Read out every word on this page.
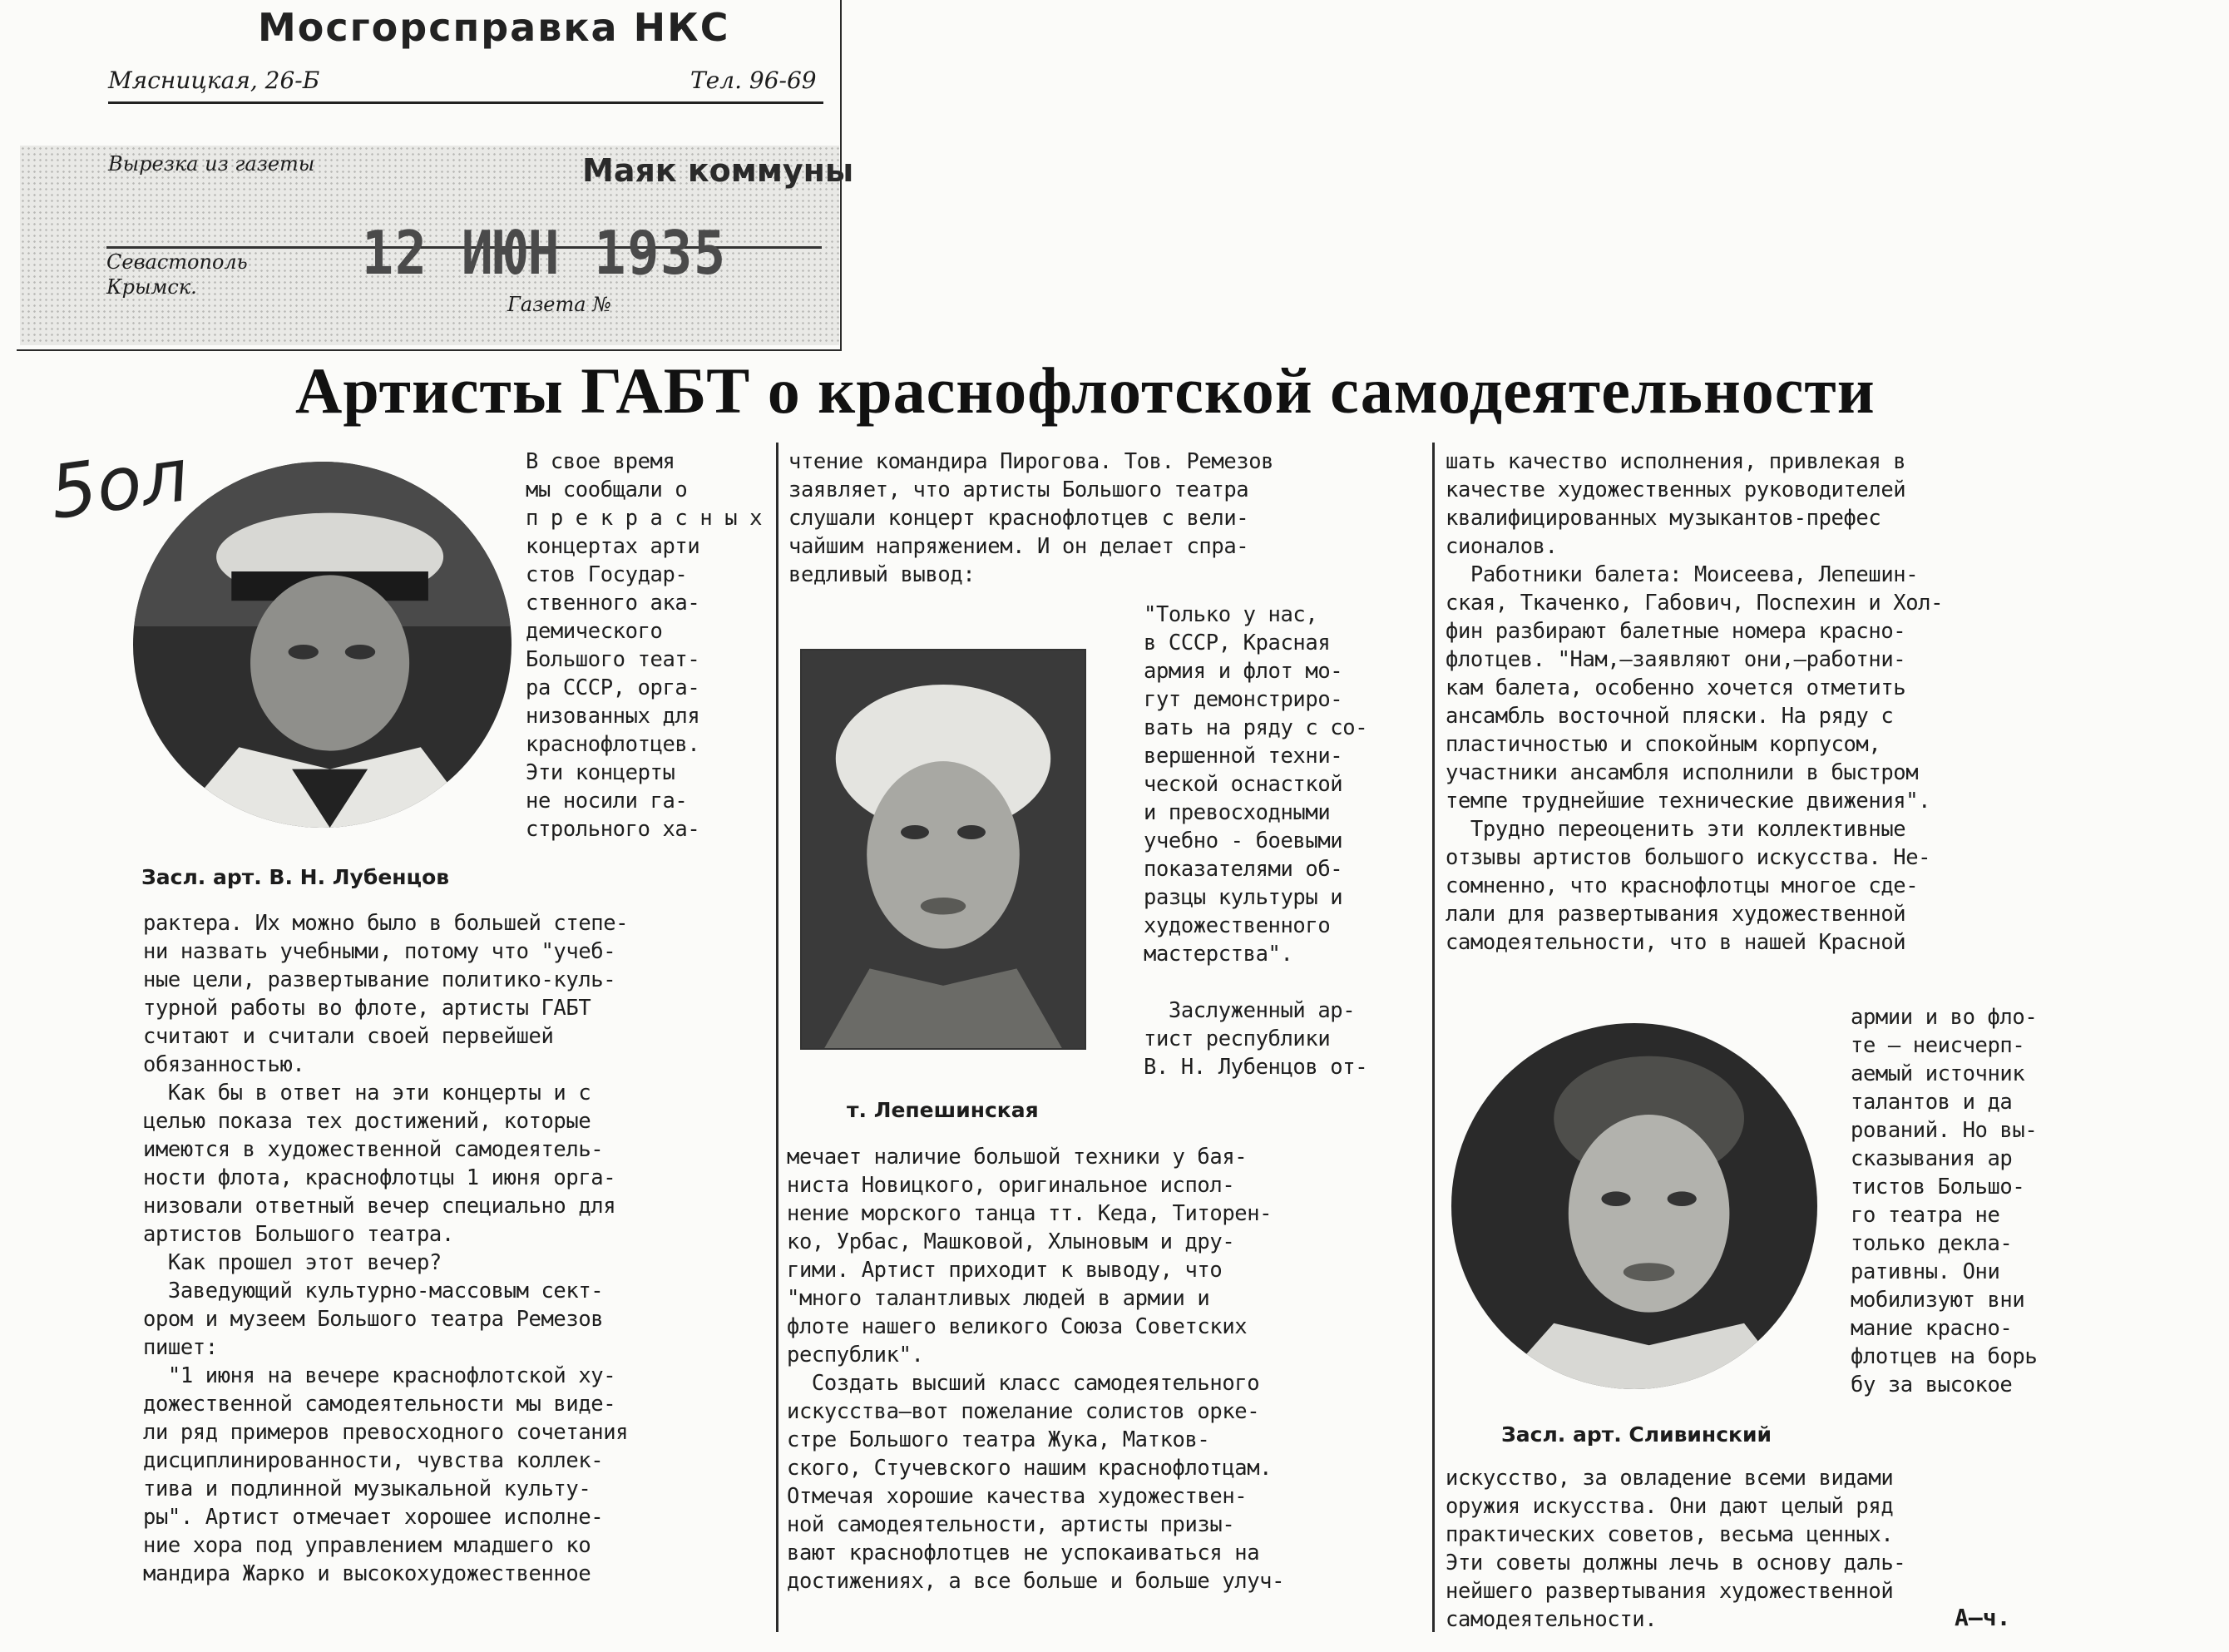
Мосгорсправка НКС
Мясницкая, 26-Б	Тел. 96-69
Вырезка из газеты	Маяк коммуны
12 ИЮН 1935
Севастополь
Крымск.
Газета №
5ол
Артисты ГАБТ о краснофлотской самодеятельности
В свое время
мы сообщали о
п р е к р а с н ы х
концертах арти
стов Государ-
ственного ака-
демического
Большого теат-
ра СССР, орга-
низованных для
краснофлотцев.
Эти концерты
не носили га-
строльного ха-
Засл. арт. В. Н. Лубенцов
рактера. Их можно было в большей степе-
ни назвать учебными, потому что "учеб-
ные цели, развертывание политико-куль-
турной работы во флоте, артисты ГАБТ
считают и считали своей первейшей
обязанностью.
Как бы в ответ на эти концерты и с
целью показа тех достижений, которые
имеются в художественной самодеятель-
ности флота, краснофлотцы 1 июня орга-
низовали ответный вечер специально для
артистов Большого театра.
Как прошел этот вечер?
Заведующий культурно-массовым сект-
ором и музеем Большого театра Ремезов
пишет:
"1 июня на вечере краснофлотской ху-
дожественной самодеятельности мы виде-
ли ряд примеров превосходного сочетания
дисциплинированности, чувства коллек-
тива и подлинной музыкальной культу-
ры". Артист отмечает хорошее исполне-
ние хора под управлением младшего ко
мандира Жарко и высокохудожественное
чтение командира Пирогова. Тов. Ремезов
заявляет, что артисты Большого театра
слушали концерт краснофлотцев с вели-
чайшим напряжением. И он делает спра-
ведливый вывод:
"Только у нас,
в СССР, Красная
армия и флот мо-
гут демонстриро-
вать на ряду с со-
вершенной техни-
ческой оснасткой
и превосходными
учебно - боевыми
показателями об-
разцы культуры и
художественного
мастерства".

Заслуженный ар-
тист республики
В. Н. Лубенцов от-
т. Лепешинская
мечает наличие большой техники у бая-
ниста Новицкого, оригинальное испол-
нение морского танца тт. Кеда, Титорен-
ко, Урбас, Машковой, Хлыновым и дру-
гими. Артист приходит к выводу, что
"много талантливых людей в армии и
флоте нашего великого Союза Советских
республик".
Создать высший класс самодеятельного
искусства—вот пожелание солистов орке-
стре Большого театра Жука, Матков-
ского, Стучевского нашим краснофлотцам.
Отмечая хорошие качества художествен-
ной самодеятельности, артисты призы-
вают краснофлотцев не успокаиваться на
достижениях, а все больше и больше улуч-
шать качество исполнения, привлекая в
качестве художественных руководителей
квалифицированных музыкантов-префес
сионалов.
Работники балета: Моисеева, Лепешин-
ская, Ткаченко, Габович, Поспехин и Хол-
фин разбирают балетные номера красно-
флотцев. "Нам,—заявляют они,—работни-
кам балета, особенно хочется отметить
ансамбль восточной пляски. На ряду с
пластичностью и спокойным корпусом,
участники ансамбля исполнили в быстром
темпе труднейшие технические движения".
Трудно переоценить эти коллективные
отзывы артистов большого искусства. Не-
сомненно, что краснофлотцы многое сде-
лали для развертывания художественной
самодеятельности, что в нашей Красной
армии и во фло-
те — неисчерп-
аемый источник
талантов и да
рований. Но вы-
сказывания ар
тистов Большо-
го театра не
только декла-
ративны. Они
мобилизуют вни
мание красно-
флотцев на борь
бу за высокое
Засл. арт. Сливинский
искусство, за овладение всеми видами
оружия искусства. Они дают целый ряд
практических советов, весьма ценных.
Эти советы должны лечь в основу даль-
нейшего развертывания художественной
самодеятельности.	А—ч.
